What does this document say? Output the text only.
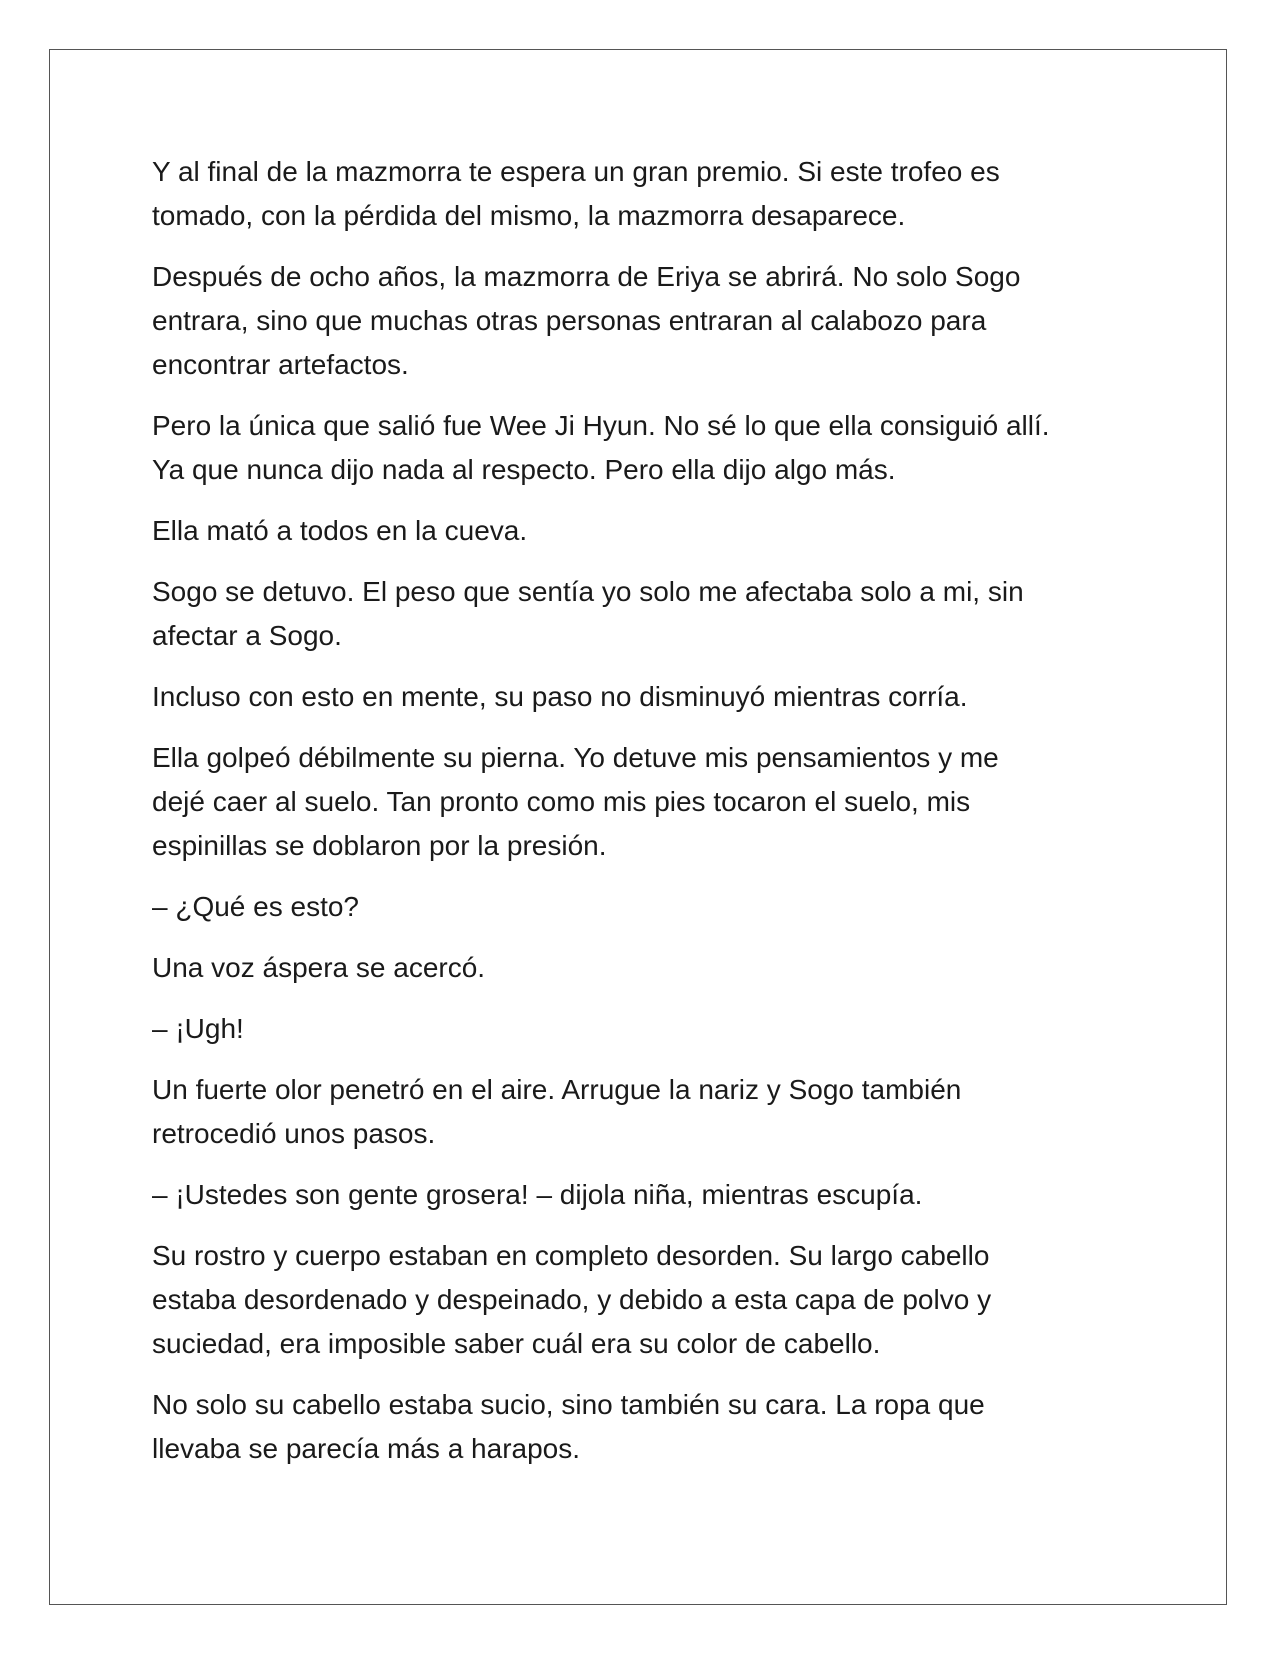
Y al final de la mazmorra te espera un gran premio. Si este trofeo es
tomado, con la pérdida del mismo, la mazmorra desaparece.

Después de ocho años, la mazmorra de Eriya se abrirá. No solo Sogo
entrara, sino que muchas otras personas entraran al calabozo para
encontrar artefactos.

Pero la única que salió fue Wee Ji Hyun. No sé lo que ella consiguió allí.
Ya que nunca dijo nada al respecto. Pero ella dijo algo más.

Ella mató a todos en la cueva.

Sogo se detuvo. El peso que sentía yo solo me afectaba solo a mi, sin
afectar a Sogo.

Incluso con esto en mente, su paso no disminuyó mientras corría.

Ella golpeó débilmente su pierna. Yo detuve mis pensamientos y me
dejé caer al suelo. Tan pronto como mis pies tocaron el suelo, mis
espinillas se doblaron por la presión.

– ¿Qué es esto?

Una voz áspera se acercó.

– ¡Ugh!

Un fuerte olor penetró en el aire. Arrugue la nariz y Sogo también
retrocedió unos pasos.

– ¡Ustedes son gente grosera! – dijola niña, mientras escupía.

Su rostro y cuerpo estaban en completo desorden. Su largo cabello
estaba desordenado y despeinado, y debido a esta capa de polvo y
suciedad, era imposible saber cuál era su color de cabello.

No solo su cabello estaba sucio, sino también su cara. La ropa que
llevaba se parecía más a harapos.
